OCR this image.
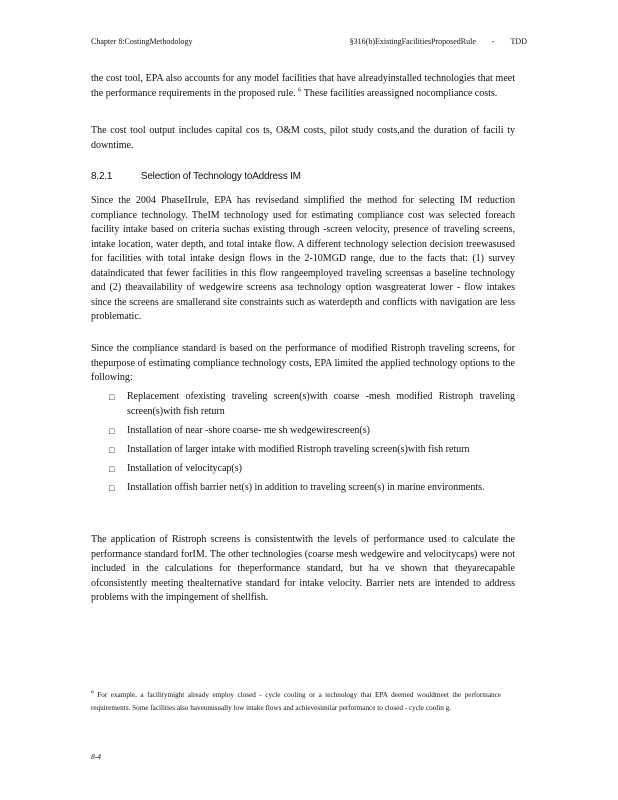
Chapter 8:CostingMethodology	§316(b)ExistingFacilitiesProposedRule - TDD

the cost tool, EPA also accounts for any model facilities that have alreadyinstalled technologies that meet the performance requirements in the proposed rule. $^6$ These facilities areassigned nocompliance costs.

The cost tool output includes capital cos ts, O&M costs, pilot study costs,and the duration of facili ty downtime.

8.2.1	Selection of Technology toAddress IM

Since the 2004 PhaseIIrule, EPA has revisedand simplified the method for selecting IM reduction compliance technology. TheIM technology used for estimating compliance cost was selected foreach facility intake based on criteria suchas existing through -screen velocity, presence of traveling screens, intake location, water depth, and total intake flow. A different technology selection decision treewasused for facilities with total intake design flows in the 2-10MGD range, due to the facts that: (1) survey dataindicated that fewer facilities in this flow rangeemployed traveling screensas a baseline technology and (2) theavailability of wedgewire screens asa technology option wasgreaterat lower - flow intakes since the screens are smallerand site constraints such as waterdepth and conflicts with navigation are less problematic.

Since the compliance standard is based on the performance of modified Ristroph traveling screens, for thepurpose of estimating compliance technology costs, EPA limited the applied technology options to the following:

□ Replacement ofexisting traveling screen(s)with coarse -mesh modified Ristroph traveling screen(s)with fish return
□ Installation of near -shore coarse- me sh wedgewirescreen(s)
□ Installation of larger intake with modified Ristroph traveling screen(s)with fish return
□ Installation of velocitycap(s)
□ Installation offish barrier net(s) in addition to traveling screen(s) in marine environments.

The application of Ristroph screens is consistentwith the levels of performance used to calculate the performance standard forIM. The other technologies (coarse mesh wedgewire and velocitycaps) were not included in the calculations for theperformance standard, but ha ve shown that theyarecapable ofconsistently meeting thealternative standard for intake velocity. Barrier nets are intended to address problems with the impingement of shellfish.

$^6$ For example, a facilitymight already employ closed - cycle cooling or a technology that EPA deemed wouldmeet the performance requirements. Some facilities also haveunusually low intake flows and achievesimilar performance to closed - cycle coolin g.

8-4
